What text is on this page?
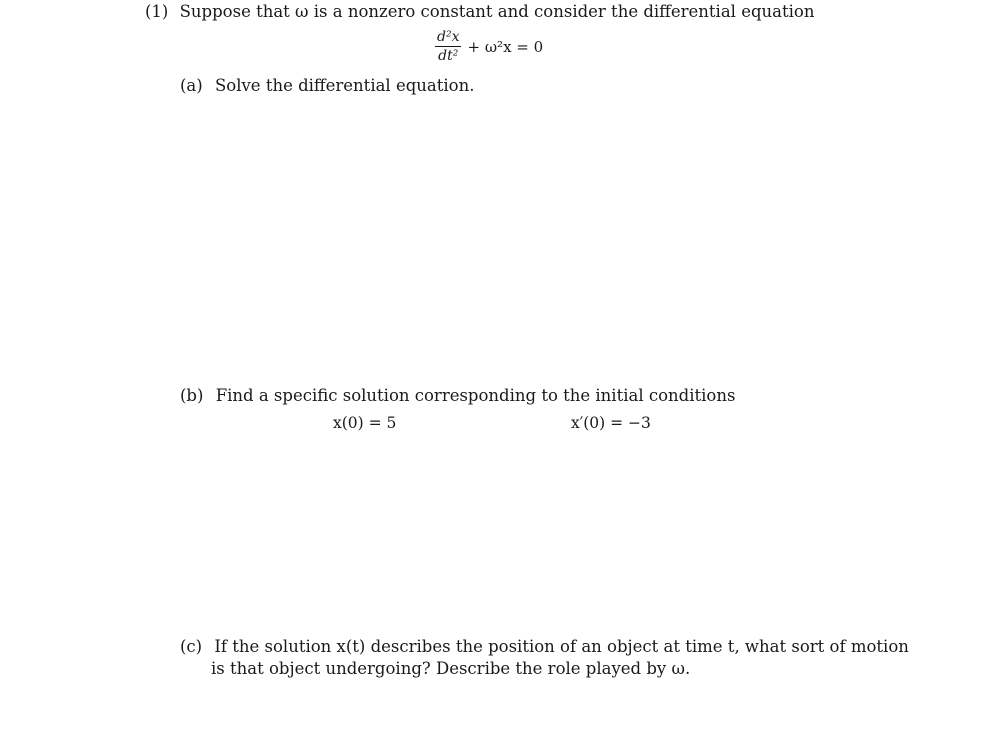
(1) Suppose that ω is a nonzero constant and consider the differential equation
$\frac{\text{d²x}}{\text{dt²}} + \omega^2x = 0$
(a) Solve the differential equation.
(b) Find a specific solution corresponding to the initial conditions
x(0) = 5	x′(0) = −3
(c) If the solution x(t) describes the position of an object at time t, what sort of motion
is that object undergoing? Describe the role played by ω.
